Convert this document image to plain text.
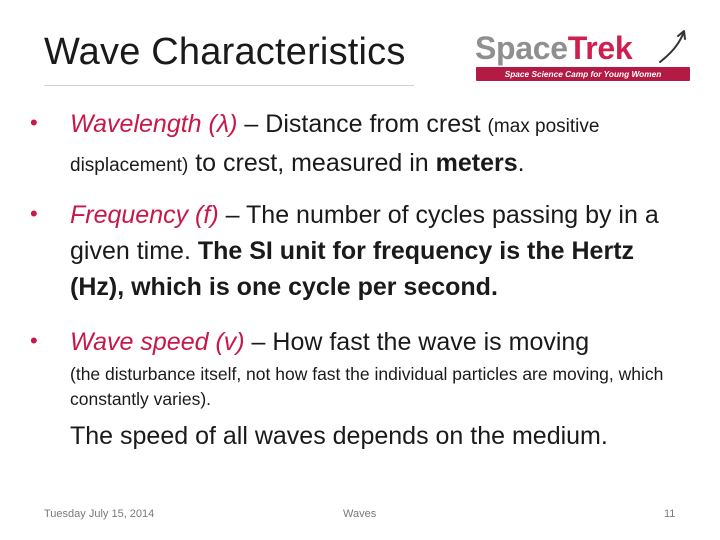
Wave Characteristics SpaceTrek
Space Science Camp for Young Women
• Wavelength (λ) – Distance from crest (max positive displacement) to crest, measured in meters.
• Frequency (f) – The number of cycles passing by in a given time. The SI unit for frequency is the Hertz (Hz), which is one cycle per second.
• Wave speed (v) – How fast the wave is moving
(the disturbance itself, not how fast the individual particles are moving, which constantly varies).
The speed of all waves depends on the medium.
Tuesday July 15, 2014	Waves	11
